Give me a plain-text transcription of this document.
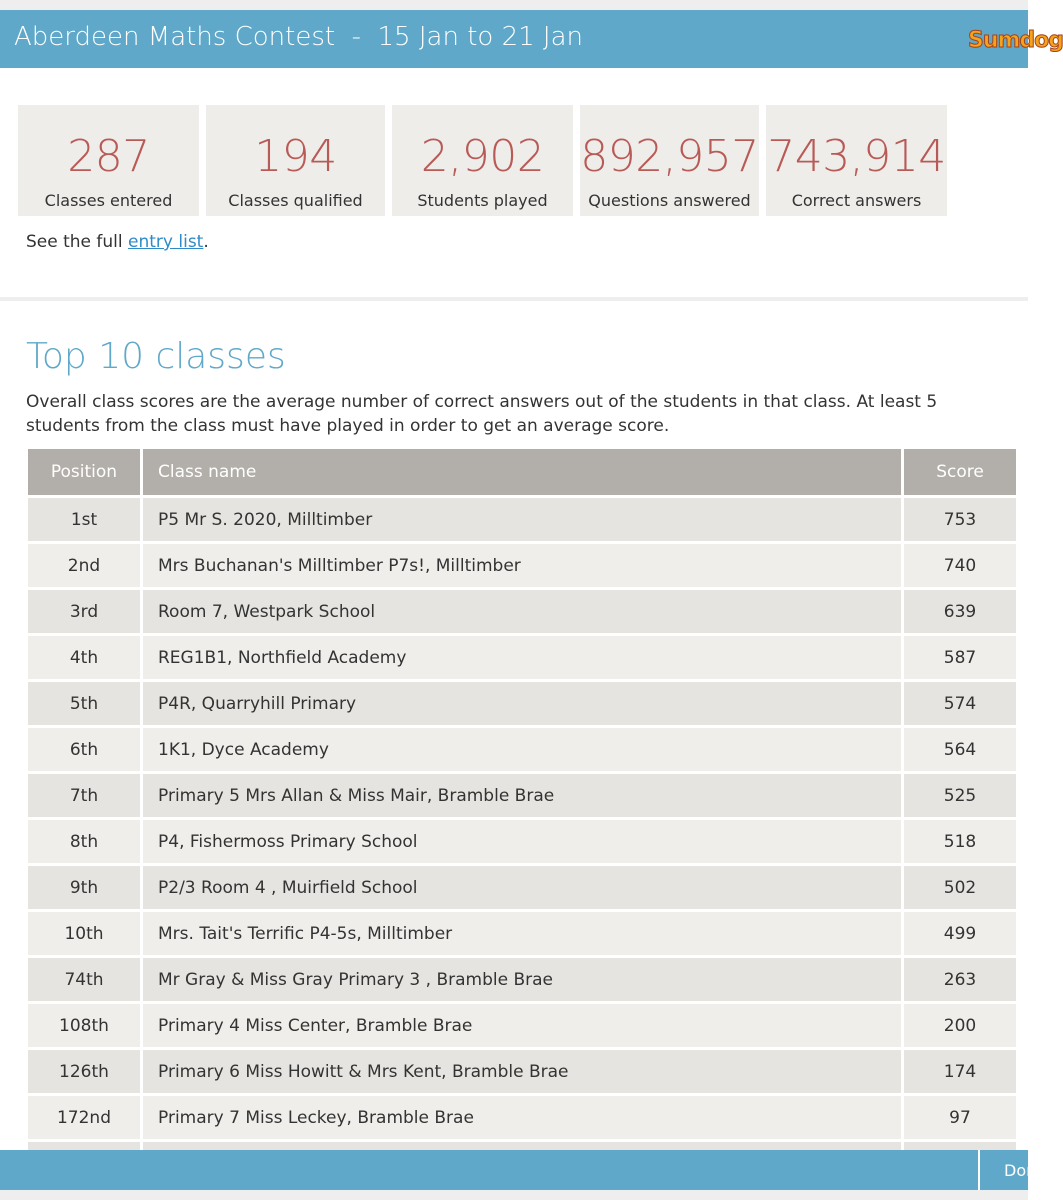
Aberdeen Maths Contest  -  15 Jan to 21 Jan	Sumdog
287
Classes entered
194
Classes qualified
2,902
Students played
892,957
Questions answered
743,914
Correct answers
See the full entry list.
Top 10 classes
Overall class scores are the average number of correct answers out of the students in that class. At least 5 students from the class must have played in order to get an average score.
Position	Class name	Score
1st	P5 Mr S. 2020, Milltimber	753
2nd	Mrs Buchanan's Milltimber P7s!, Milltimber	740
3rd	Room 7, Westpark School	639
4th	REG1B1, Northfield Academy	587
5th	P4R, Quarryhill Primary	574
6th	1K1, Dyce Academy	564
7th	Primary 5 Mrs Allan & Miss Mair, Bramble Brae	525
8th	P4, Fishermoss Primary School	518
9th	P2/3 Room 4 , Muirfield School	502
10th	Mrs. Tait's Terrific P4-5s, Milltimber	499
74th	Mr Gray & Miss Gray Primary 3 , Bramble Brae	263
108th	Primary 4 Miss Center, Bramble Brae	200
126th	Primary 6 Miss Howitt & Mrs Kent, Bramble Brae	174
172nd	Primary 7 Miss Leckey, Bramble Brae	97

Don
